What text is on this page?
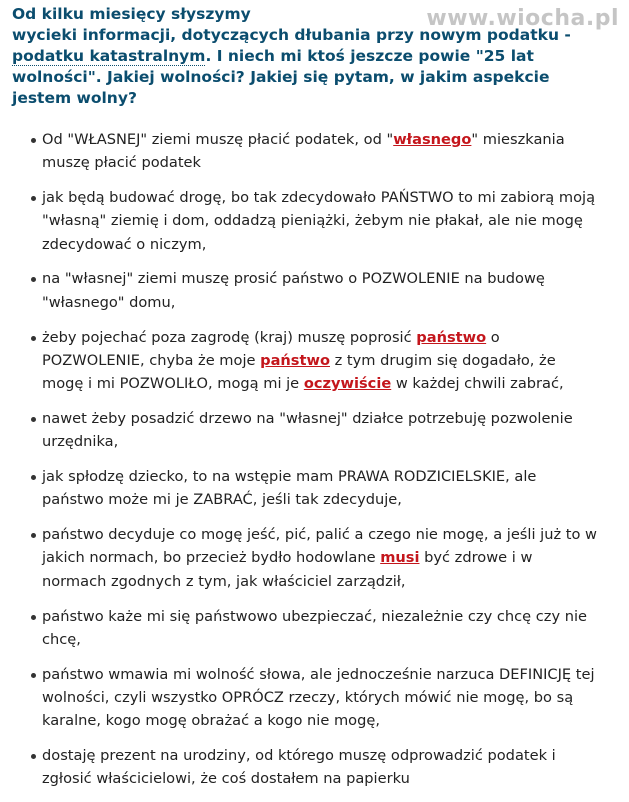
www.wiocha.pl

Od kilku miesięcy słyszymy
wycieki informacji, dotyczących dłubania przy nowym podatku -
podatku katastralnym. I niech mi ktoś jeszcze powie "25 lat
wolności". Jakiej wolności? Jakiej się pytam, w jakim aspekcie
jestem wolny?

Od "WŁASNEJ" ziemi muszę płacić podatek, od "własnego" mieszkania muszę płacić podatek
jak będą budować drogę, bo tak zdecydowało PAŃSTWO to mi zabiorą moją "własną" ziemię i dom, oddadzą pieniążki, żebym nie płakał, ale nie mogę zdecydować o niczym,
na "własnej" ziemi muszę prosić państwo o POZWOLENIE na budowę "własnego" domu,
żeby pojechać poza zagrodę (kraj) muszę poprosić państwo o POZWOLENIE, chyba że moje państwo z tym drugim się dogadało, że mogę i mi POZWOLIŁO, mogą mi je oczywiście w każdej chwili zabrać,
nawet żeby posadzić drzewo na "własnej" działce potrzebuję pozwolenie urzędnika,
jak spłodzę dziecko, to na wstępie mam PRAWA RODZICIELSKIE, ale państwo może mi je ZABRAĆ, jeśli tak zdecyduje,
państwo decyduje co mogę jeść, pić, palić a czego nie mogę, a jeśli już to w jakich normach, bo przecież bydło hodowlane musi być zdrowe i w normach zgodnych z tym, jak właściciel zarządził,
państwo każe mi się państwowo ubezpieczać, niezależnie czy chcę czy nie chcę,
państwo wmawia mi wolność słowa, ale jednocześnie narzuca DEFINICJĘ tej wolności, czyli wszystko OPRÓCZ rzeczy, których mówić nie mogę, bo są karalne, kogo mogę obrażać a kogo nie mogę,
dostaję prezent na urodziny, od którego muszę odprowadzić podatek i zgłosić właścicielowi, że coś dostałem na papierku
